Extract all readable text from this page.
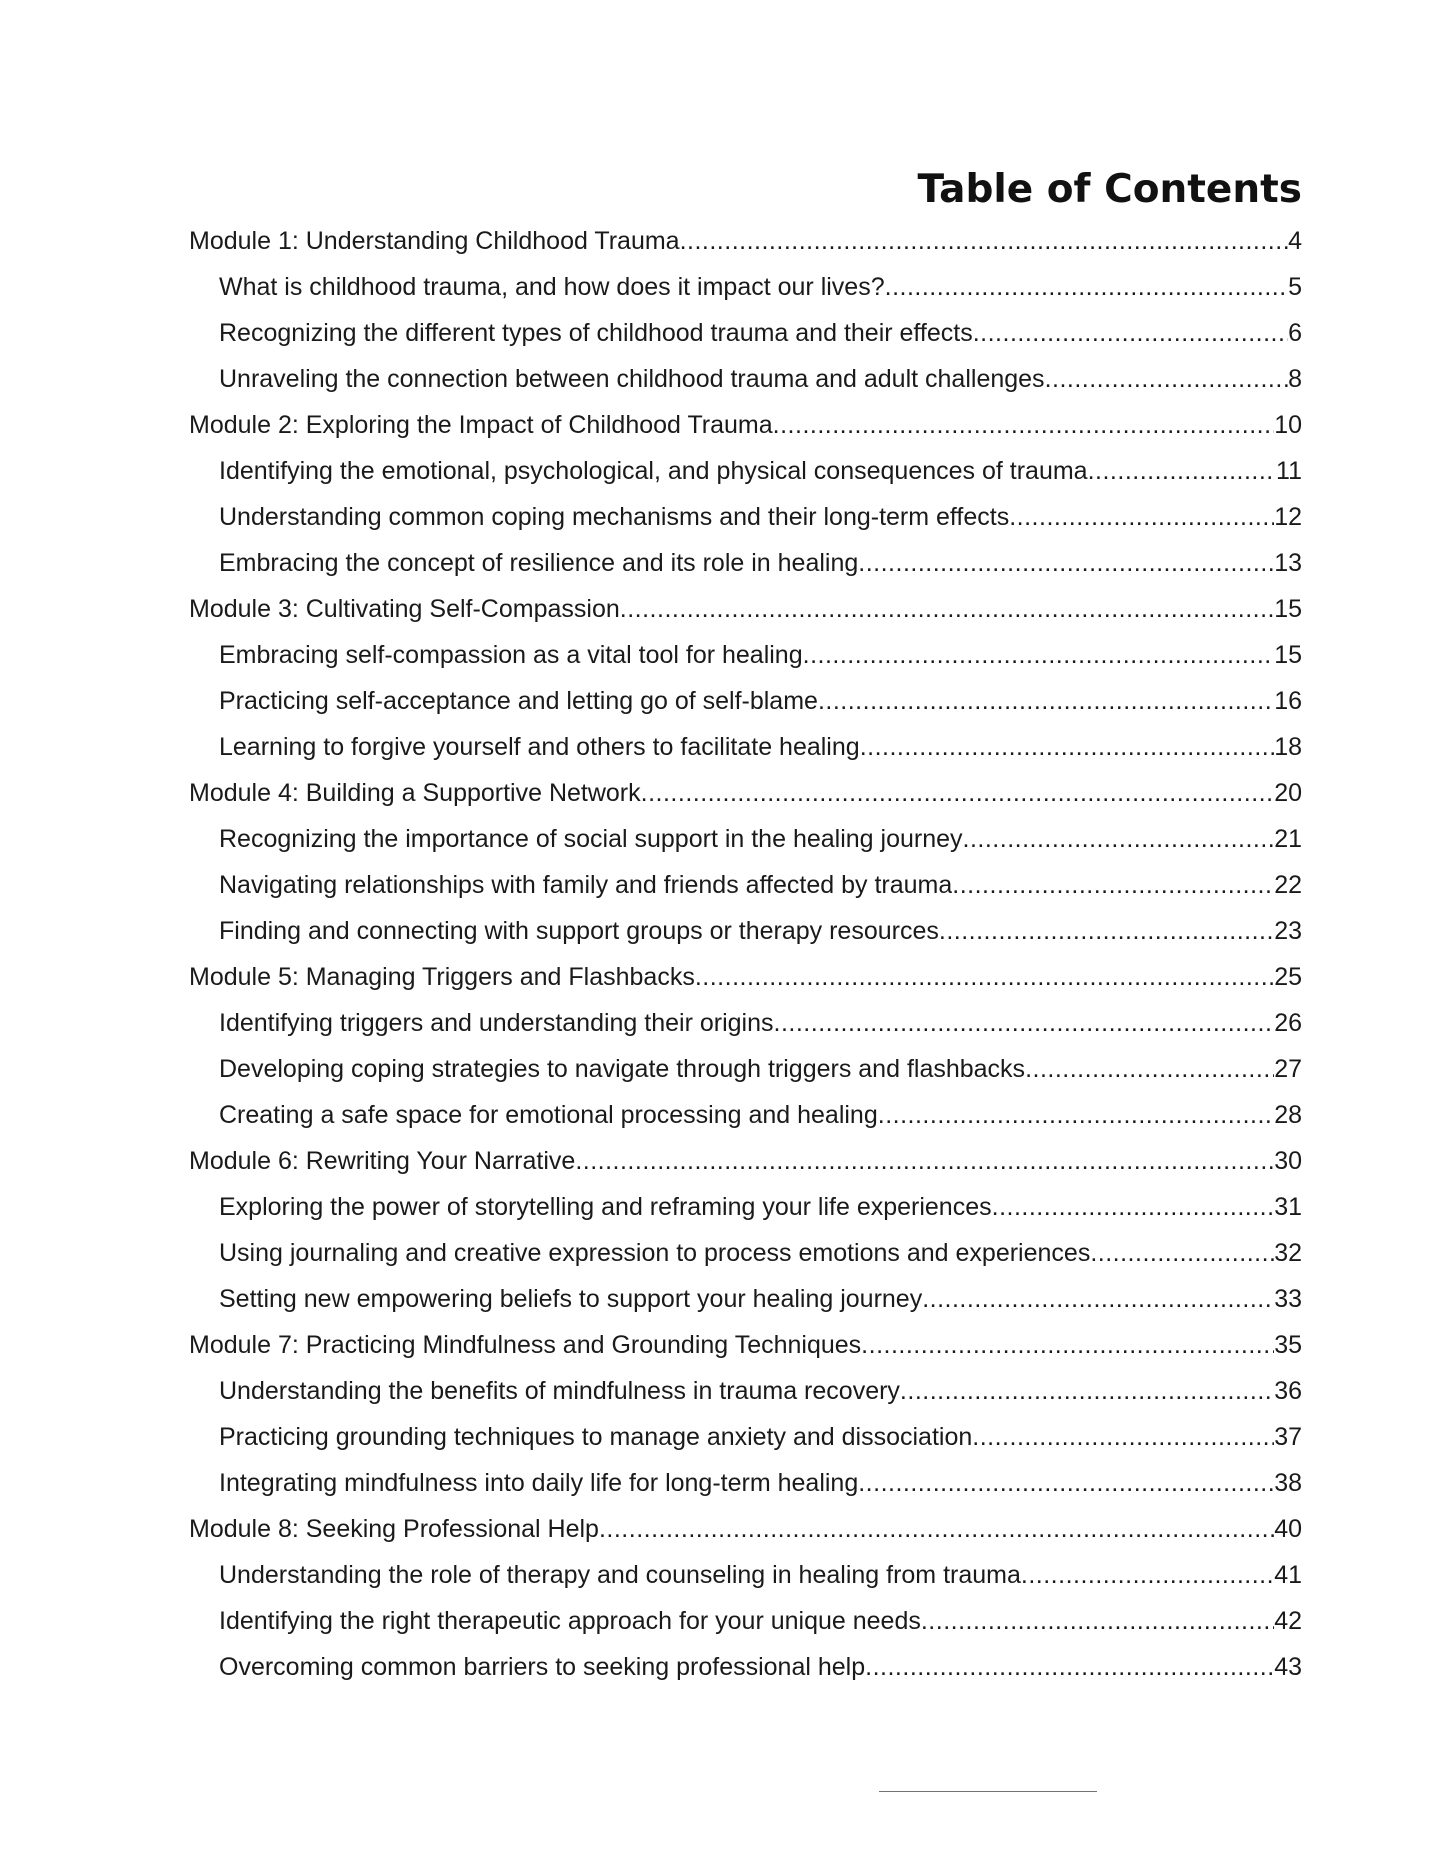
Table of Contents
Module 1: Understanding Childhood Trauma .....	4
What is childhood trauma, and how does it impact our lives? .....	5
Recognizing the different types of childhood trauma and their effects .....	6
Unraveling the connection between childhood trauma and adult challenges .....	8
Module 2: Exploring the Impact of Childhood Trauma .....	10
Identifying the emotional, psychological, and physical consequences of trauma .....	11
Understanding common coping mechanisms and their long-term effects .....	12
Embracing the concept of resilience and its role in healing .....	13
Module 3: Cultivating Self-Compassion .....	15
Embracing self-compassion as a vital tool for healing .....	15
Practicing self-acceptance and letting go of self-blame .....	16
Learning to forgive yourself and others to facilitate healing .....	18
Module 4: Building a Supportive Network .....	20
Recognizing the importance of social support in the healing journey .....	21
Navigating relationships with family and friends affected by trauma .....	22
Finding and connecting with support groups or therapy resources .....	23
Module 5: Managing Triggers and Flashbacks .....	25
Identifying triggers and understanding their origins .....	26
Developing coping strategies to navigate through triggers and flashbacks .....	27
Creating a safe space for emotional processing and healing .....	28
Module 6: Rewriting Your Narrative .....	30
Exploring the power of storytelling and reframing your life experiences .....	31
Using journaling and creative expression to process emotions and experiences .....	32
Setting new empowering beliefs to support your healing journey .....	33
Module 7: Practicing Mindfulness and Grounding Techniques .....	35
Understanding the benefits of mindfulness in trauma recovery .....	36
Practicing grounding techniques to manage anxiety and dissociation .....	37
Integrating mindfulness into daily life for long-term healing .....	38
Module 8: Seeking Professional Help .....	40
Understanding the role of therapy and counseling in healing from trauma .....	41
Identifying the right therapeutic approach for your unique needs .....	42
Overcoming common barriers to seeking professional help .....	43
